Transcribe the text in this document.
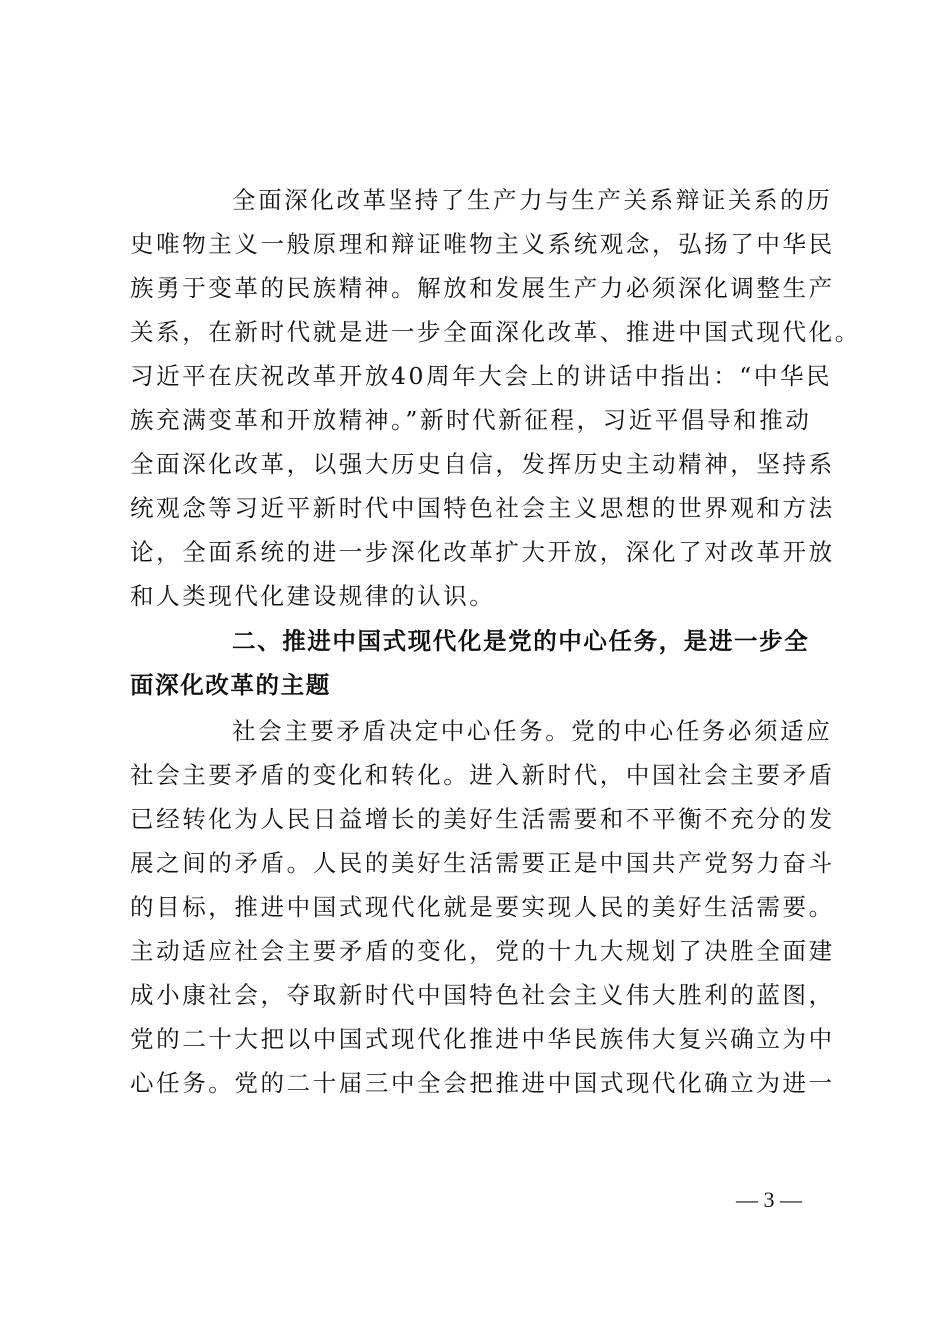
全面深化改革坚持了生产力与生产关系辩证关系的历
史唯物主义一般原理和辩证唯物主义系统观念，弘扬了中华民
族勇于变革的民族精神。解放和发展生产力必须深化调整生产
关系，在新时代就是进一步全面深化改革、推进中国式现代化。
习近平在庆祝改革开放40周年大会上的讲话中指出：“中华民
族充满变革和开放精神。”新时代新征程，习近平倡导和推动
全面深化改革，以强大历史自信，发挥历史主动精神，坚持系
统观念等习近平新时代中国特色社会主义思想的世界观和方法
论，全面系统的进一步深化改革扩大开放，深化了对改革开放
和人类现代化建设规律的认识。
二、推进中国式现代化是党的中心任务，是进一步全
面深化改革的主题
社会主要矛盾决定中心任务。党的中心任务必须适应
社会主要矛盾的变化和转化。进入新时代，中国社会主要矛盾
已经转化为人民日益增长的美好生活需要和不平衡不充分的发
展之间的矛盾。人民的美好生活需要正是中国共产党努力奋斗
的目标，推进中国式现代化就是要实现人民的美好生活需要。
主动适应社会主要矛盾的变化，党的十九大规划了决胜全面建
成小康社会，夺取新时代中国特色社会主义伟大胜利的蓝图，
党的二十大把以中国式现代化推进中华民族伟大复兴确立为中
心任务。党的二十届三中全会把推进中国式现代化确立为进一
— 3 —
